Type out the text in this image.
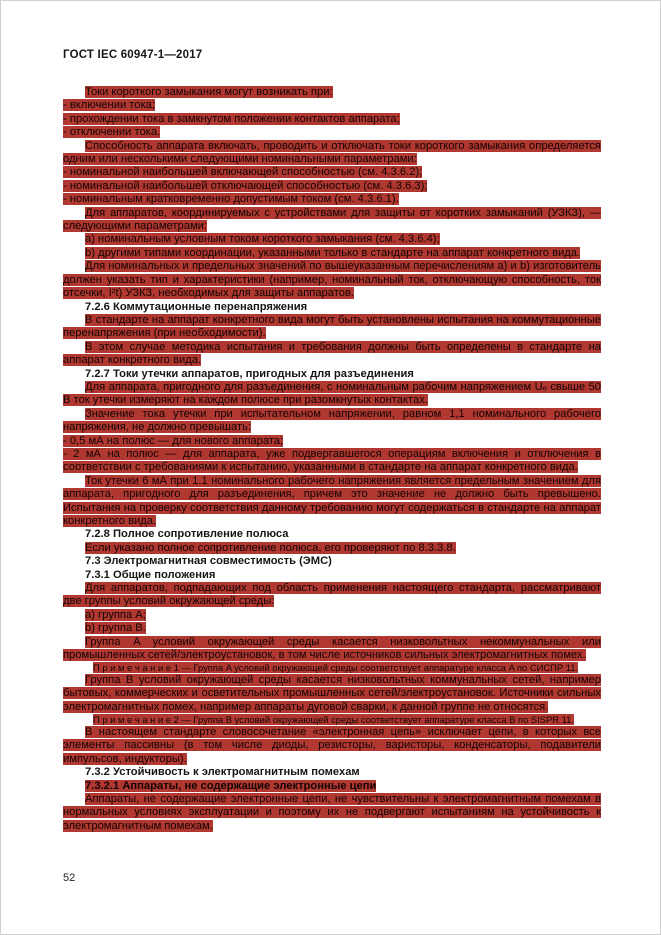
ГОСТ IEC 60947-1—2017

Токи короткого замыкания могут возникать при:

- включении тока;

- прохождении тока в замкнутом положении контактов аппарата;

- отключении тока.

Способность аппарата включать, проводить и отключать токи короткого замыкания определяется одним или несколькими следующими номинальными параметрами:

- номинальной наибольшей включающей способностью (см. 4.3.6.2);

- номинальной наибольшей отключающей способностью (см. 4.3.6.3);

- номинальным кратковременно допустимым током (см. 4.3.6.1).

Для аппаратов, координируемых с устройствами для защиты от коротких замыканий (УЗКЗ), — следующими параметрами:

a) номинальным условным током короткого замыкания (см. 4.3.6.4);

b) другими типами координации, указанными только в стандарте на аппарат конкретного вида.

Для номинальных и предельных значений по вышеуказанным перечислениям a) и b) изготовитель должен указать тип и характеристики (например, номинальный ток, отключающую способность, ток отсечки, I²t) УЗКЗ, необходимых для защиты аппаратов.

7.2.6 Коммутационные перенапряжения

В стандарте на аппарат конкретного вида могут быть установлены испытания на коммутационные перенапряжения (при необходимости).

В этом случае методика испытания и требования должны быть определены в стандарте на аппарат конкретного вида.

7.2.7 Токи утечки аппаратов, пригодных для разъединения

Для аппарата, пригодного для разъединения, с номинальным рабочим напряжением Uₑ свыше 50 В ток утечки измеряют на каждом полюсе при разомкнутых контактах.

Значение тока утечки при испытательном напряжении, равном 1,1 номинального рабочего напряжения, не должно превышать:

- 0,5 мА на полюс — для нового аппарата;

- 2 мА на полюс — для аппарата, уже подвергавшегося операциям включения и отключения в соответствии с требованиями к испытанию, указанными в стандарте на аппарат конкретного вида.

Ток утечки 6 мА при 1.1 номинального рабочего напряжения является предельным значением для аппарата, пригодного для разъединения, причем это значение не должно быть превышено. Испытания на проверку соответствия данному требованию могут содержаться в стандарте на аппарат конкретного вида.

7.2.8 Полное сопротивление полюса

Если указано полное сопротивление полюса, его проверяют по 8.3.3.8.

7.3 Электромагнитная совместимость (ЭМС)

7.3.1 Общие положения

Для аппаратов, подпадающих под область применения настоящего стандарта, рассматривают две группы условий окружающей среды:

a) группа A;

b) группа B.

Группа A условий окружающей среды касается низковольтных некоммунальных или промышленных сетей/электроустановок, в том числе источников сильных электромагнитных помех.

П р и м е ч а н и е 1 — Группа A условий окружающей среды соответствует аппаратуре класса A по СИСПР 11.

Группа B условий окружающей среды касается низковольтных коммунальных сетей, например бытовых, коммерческих и осветительных промышленных сетей/электроустановок. Источники сильных электромагнитных помех, например аппараты дуговой сварки, к данной группе не относятся.

П р и м е ч а н и е 2 — Группа B условий окружающей среды соответствует аппаратуре класса B по SISPR 11.

В настоящем стандарте словосочетание «электронная цепь» исключает цепи, в которых все элементы пассивны (в том числе диоды, резисторы, варисторы, конденсаторы, подавители импульсов, индукторы).

7.3.2 Устойчивость к электромагнитным помехам

7.3.2.1 Аппараты, не содержащие электронные цепи

Аппараты, не содержащие электронные цепи, не чувствительны к электромагнитным помехам в нормальных условиях эксплуатации и поэтому их не подвергают испытаниям на устойчивость к электромагнитным помехам.

52
